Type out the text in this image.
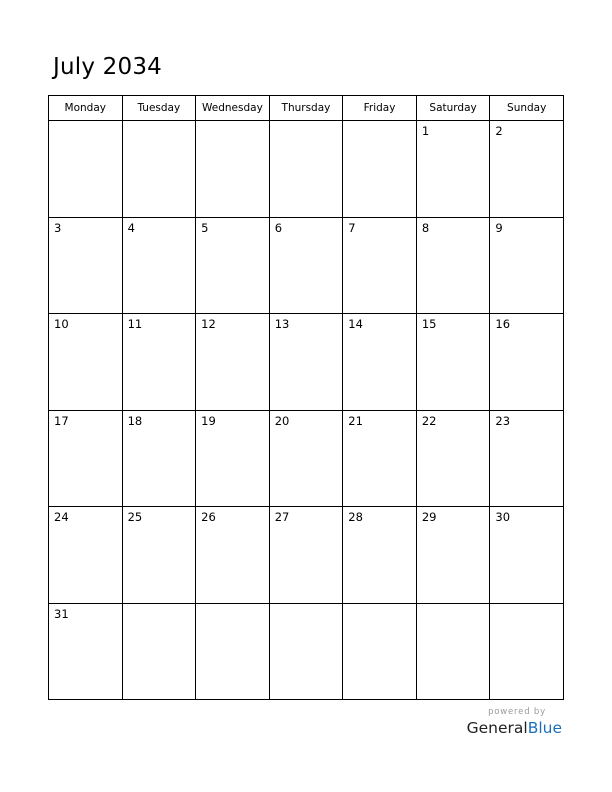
July 2034
Monday	Tuesday	Wednesday	Thursday	Friday	Saturday	Sunday

					1	2

3	4	5	6	7	8	9

10	11	12	13	14	15	16

17	18	19	20	21	22	23

24	25	26	27	28	29	30

31						

powered by
GeneralBlue
